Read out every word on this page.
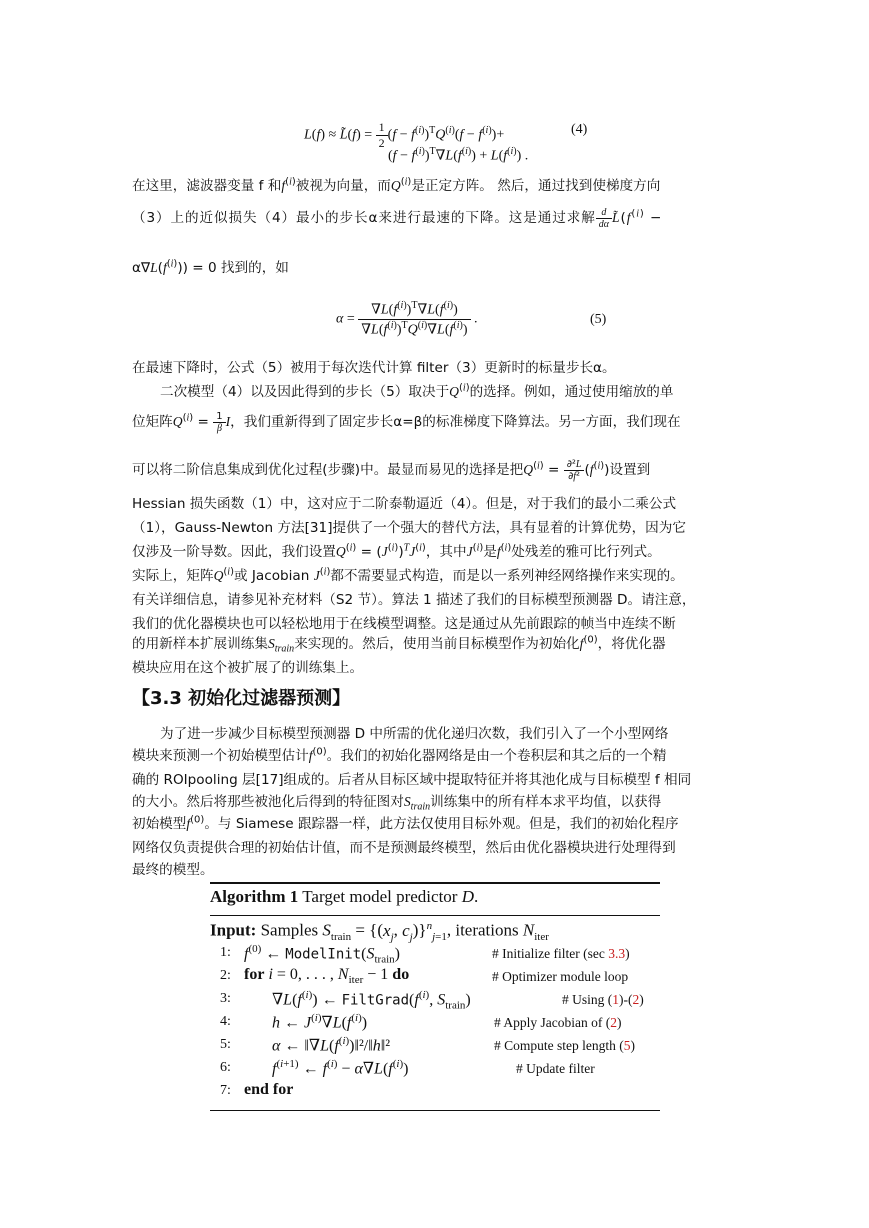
L(f) ≈ L̃(f) = $\frac{1}{2} (f - f^{(i)})^TQ^{(i)}(f - f^{(i)})+$	(4)
$(f - f^{(i)})^T\nabla L(f^{(i)}) + L(f^{(i)})$ .
在这里，滤波器变量 f 和$f^{(i)}$被视为向量，而$Q^{(i)}$是正定方阵。 然后，通过找到使梯度方向
（3）上的近似损失（4）最小的步长α来进行最速的下降。这是通过求解 $\frac{d}{d\alpha}$ $L̃(f^{(i)}$ −
$\alpha\nabla L(f^{(i)})) = 0$ 找到的，如
$\alpha = \frac{\nabla L(f^{(i)})^T\nabla L(f^{(i)})}{\nabla L(f^{(i)})^TQ^{(i)}\nabla L(f^{(i)})}$ .	(5)
在最速下降时，公式（5）被用于每次迭代计算 filter（3）更新时的标量步长α。
二次模型（4）以及因此得到的步长（5）取决于$Q^{(i)}$的选择。例如，通过使用缩放的单
位矩阵$Q^{(i)} = \frac{1}{\beta}$ I，我们重新得到了固定步长α=β的标准梯度下降算法。另一方面，我们现在
可以将二阶信息集成到优化过程(步骤)中。最显而易见的选择是把$Q^{(i)} = \frac{\text{∂²L}}{\text{∂f²}} (f^{(i)})$设置到
Hessian 损失函数（1）中，这对应于二阶泰勒逼近（4）。但是，对于我们的最小二乘公式
（1），Gauss-Newton 方法[31]提供了一个强大的替代方法，具有显着的计算优势，因为它
仅涉及一阶导数。因此，我们设置$Q^{(i)} = (J^{(i)})^TJ^{(i)}$，其中$J^{(i)}$是$f^{(i)}$处残差的雅可比行列式。
实际上，矩阵$Q^{(i)}$或 Jacobian $J^{(i)}$都不需要显式构造，而是以一系列神经网络操作来实现的。
有关详细信息，请参见补充材料（S2 节）。算法 1 描述了我们的目标模型预测器 D。请注意，
我们的优化器模块也可以轻松地用于在线模型调整。这是通过从先前跟踪的帧当中连续不断
的用新样本扩展训练集$S_{train}$来实现的。然后，使用当前目标模型作为初始化$f^{(0)}$，将优化器
模块应用在这个被扩展了的训练集上。
【3.3 初始化过滤器预测】
为了进一步减少目标模型预测器 D 中所需的优化递归次数，我们引入了一个小型网络
模块来预测一个初始模型估计$f^{(0)}$。我们的初始化器网络是由一个卷积层和其之后的一个精
确的 ROIpooling 层[17]组成的。后者从目标区域中提取特征并将其池化成与目标模型 f 相同
的大小。然后将那些被池化后得到的特征图对$S_{train}$训练集中的所有样本求平均值，以获得
初始模型$f^{(0)}$。与 Siamese 跟踪器一样，此方法仅使用目标外观。但是，我们的初始化程序
网络仅负责提供合理的初始估计值，而不是预测最终模型，然后由优化器模块进行处理得到
最终的模型。
Algorithm 1 Target model predictor D.
Input: Samples $S_{train} = \{(x_j$, $c_j)\}^n_{j=1}$, iterations $N_{iter}$
1: $f^{(0)}$ ← $ModelInit(S_{train})$	# Initialize filter (sec 3.3)
2: for i = 0, . . . , $N_{iter} - 1$ do	# Optimizer module loop
3:	$\nabla L(f^{(i)})$ ← $FiltGrad(f^{(i)}$, $S_{train}$)	# Using (1)-(2)
4:	h ← $J^{(i)}\nabla L(f^{(i)})$	# Apply Jacobian of (2)
5:	α ← $‖\nabla L(f^{(i)})‖^2/‖h‖^2$	# Compute step length (5)
6:	$f^{(i+1)}$ ← $f^{(i)} - \alpha\nabla L(f^{(i)})$	# Update filter
7: end for
